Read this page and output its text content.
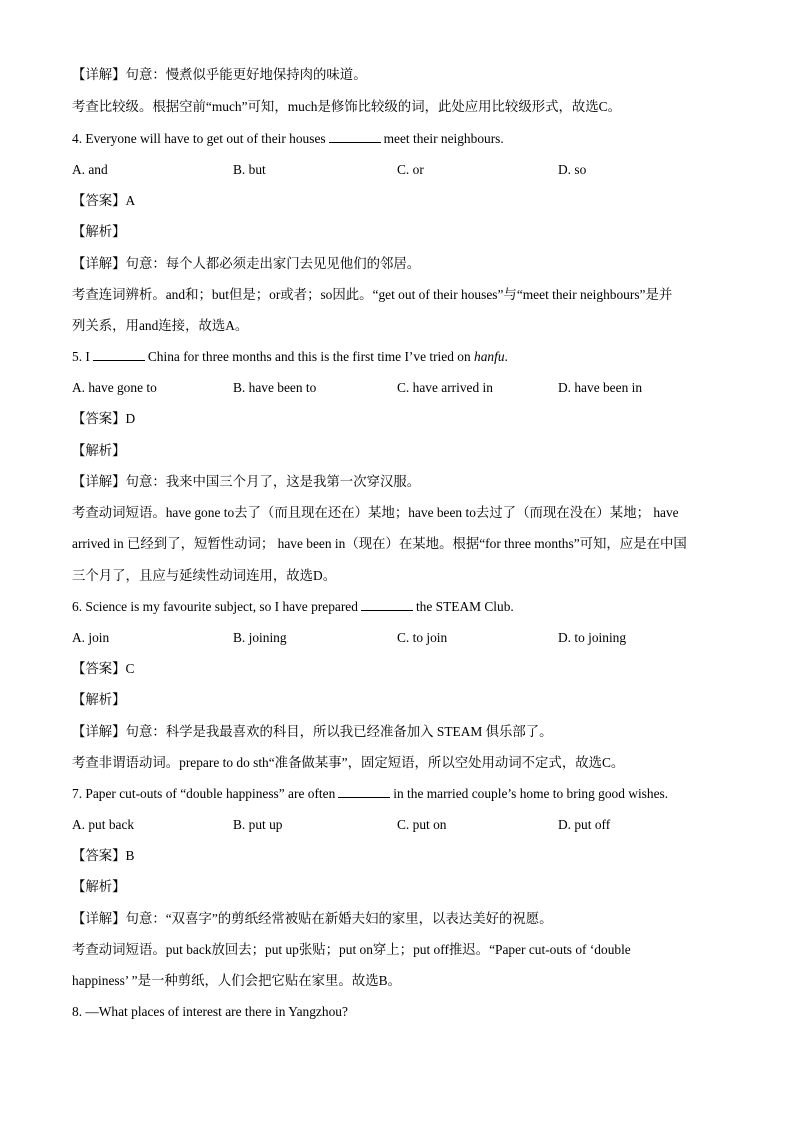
【详解】句意：慢煮似乎能更好地保持肉的味道。
考查比较级。根据空前“much”可知，much是修饰比较级的词，此处应用比较级形式，故选C。
4. Everyone will have to get out of their houses	meet their neighbours.
A. and	B. but	C. or	D. so
【答案】A
【解析】
【详解】句意：每个人都必须走出家门去见见他们的邻居。
考查连词辨析。and和；but但是；or或者；so因此。“get out of their houses”与“meet their neighbours”是并
列关系，用and连接，故选A。
5. I	China for three months and this is the first time I’ve tried on hanfu.
A. have gone to	B. have been to	C. have arrived in	D. have been in
【答案】D
【解析】
【详解】句意：我来中国三个月了，这是我第一次穿汉服。
考查动词短语。have gone to去了（而且现在还在）某地；have been to去过了（而现在没在）某地； have
arrived in 已经到了，短暂性动词； have been in（现在）在某地。根据“for three months”可知，应是在中国
三个月了，且应与延续性动词连用，故选D。
6. Science is my favourite subject, so I have prepared	the STEAM Club.
A. join	B. joining	C. to join	D. to joining
【答案】C
【解析】
【详解】句意：科学是我最喜欢的科目，所以我已经准备加入 STEAM 俱乐部了。
考查非谓语动词。prepare to do sth“准备做某事”，固定短语，所以空处用动词不定式，故选C。
7. Paper cut-outs of “double happiness” are often	in the married couple’s home to bring good wishes.
A. put back	B. put up	C. put on	D. put off
【答案】B
【解析】
【详解】句意：“双喜字”的剪纸经常被贴在新婚夫妇的家里，以表达美好的祝愿。
考查动词短语。put back放回去；put up张贴；put on穿上；put off推迟。“Paper cut-outs of ‘double
happiness’ ”是一种剪纸，人们会把它贴在家里。故选B。
8. —What places of interest are there in Yangzhou?
